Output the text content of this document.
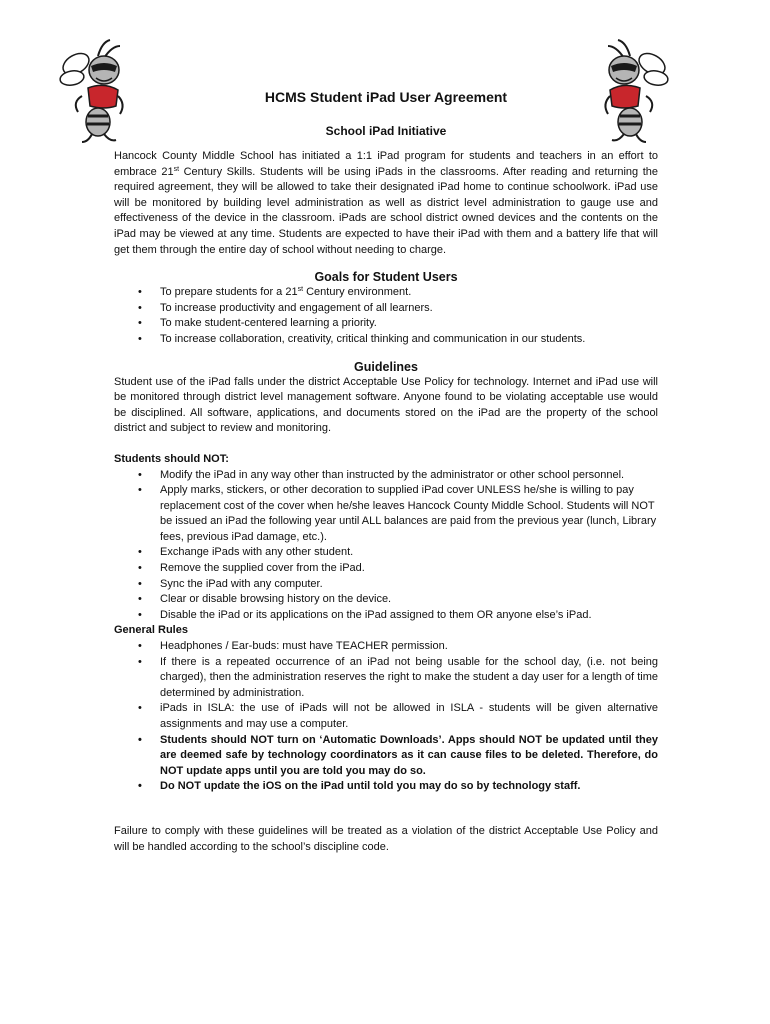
HCMS Student iPad User Agreement
School iPad Initiative

Hancock County Middle School has initiated a 1:1 iPad program for students and teachers in an effort to embrace 21st Century Skills. Students will be using iPads in the classrooms. After reading and returning the required agreement, they will be allowed to take their designated iPad home to continue schoolwork. iPad use will be monitored by building level administration as well as district level administration to gauge use and effectiveness of the device in the classroom. iPads are school district owned devices and the contents on the iPad may be viewed at any time. Students are expected to have their iPad with them and a battery life that will get them through the entire day of school without needing to charge.

Goals for Student Users
• To prepare students for a 21st Century environment.
• To increase productivity and engagement of all learners.
• To make student-centered learning a priority.
• To increase collaboration, creativity, critical thinking and communication in our students.
Guidelines

Student use of the iPad falls under the district Acceptable Use Policy for technology. Internet and iPad use will be monitored through district level management software. Anyone found to be violating acceptable use would be disciplined. All software, applications, and documents stored on the iPad are the property of the school district and subject to review and monitoring.

Students should NOT:
• Modify the iPad in any way other than instructed by the administrator or other school personnel.
• Apply marks, stickers, or other decoration to supplied iPad cover UNLESS he/she is willing to pay replacement cost of the cover when he/she leaves Hancock County Middle School. Students will NOT be issued an iPad the following year until ALL balances are paid from the previous year (lunch, Library fees, previous iPad damage, etc.).
• Exchange iPads with any other student.
• Remove the supplied cover from the iPad.
• Sync the iPad with any computer.
• Clear or disable browsing history on the device.
• Disable the iPad or its applications on the iPad assigned to them OR anyone else’s iPad.
General Rules
• Headphones / Ear-buds: must have TEACHER permission.
• If there is a repeated occurrence of an iPad not being usable for the school day, (i.e. not being charged), then the administration reserves the right to make the student a day user for a length of time determined by administration.
• iPads in ISLA: the use of iPads will not be allowed in ISLA - students will be given alternative assignments and may use a computer.
• Students should NOT turn on ‘Automatic Downloads’. Apps should NOT be updated until they are deemed safe by technology coordinators as it can cause files to be deleted. Therefore, do NOT update apps until you are told you may do so.
• Do NOT update the iOS on the iPad until told you may do so by technology staff.

Failure to comply with these guidelines will be treated as a violation of the district Acceptable Use Policy and will be handled according to the school’s discipline code.
